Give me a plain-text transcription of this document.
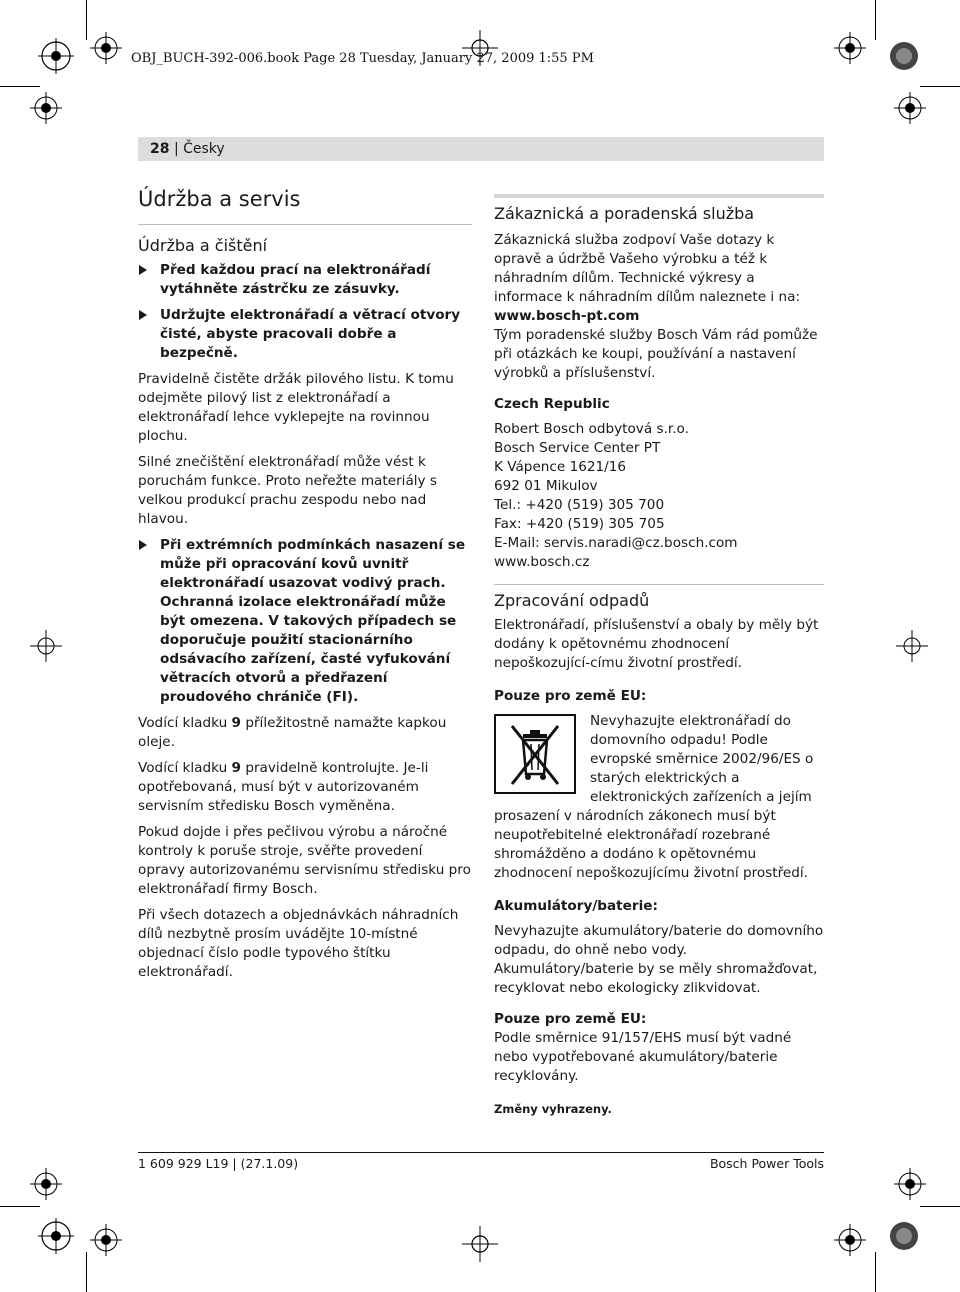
OBJ_BUCH-392-006.book Page 28 Tuesday, January 27, 2009 1:55 PM
28 | Česky
Údržba a servis
Údržba a čištění
Před každou prací na elektronářadí vytáhněte zástrčku ze zásuvky.
Udržujte elektronářadí a větrací otvory čisté, abyste pracovali dobře a bezpečně.

Pravidelně čistěte držák pilového listu. K tomu odejměte pilový list z elektronářadí a elektronářadí lehce vyklepejte na rovinnou plochu.

Silné znečištění elektronářadí může vést k poruchám funkce. Proto neřežte materiály s velkou produkcí prachu zespodu nebo nad hlavou.

Při extrémních podmínkách nasazení se může při opracování kovů uvnitř elektronářadí usazovat vodivý prach. Ochranná izolace elektronářadí může být omezena. V takových případech se doporučuje použití stacionárního odsávacího zařízení, časté vyfukování větracích otvorů a předřazení proudového chrániče (FI).

Vodící kladku 9 příležitostně namažte kapkou oleje.

Vodící kladku 9 pravidelně kontrolujte. Je-li opotřebovaná, musí být v autorizovaném servisním středisku Bosch vyměněna.

Pokud dojde i přes pečlivou výrobu a náročné kontroly k poruše stroje, svěřte provedení opravy autorizovanému servisnímu středisku pro elektronářadí firmy Bosch.

Při všech dotazech a objednávkách náhradních dílů nezbytně prosím uvádějte 10-místné objednací číslo podle typového štítku elektronářadí.

Zákaznická a poradenská služba

Zákaznická služba zodpoví Vaše dotazy k opravě a údržbě Vašeho výrobku a též k náhradním dílům. Technické výkresy a informace k náhradním dílům naleznete i na:
www.bosch-pt.com

Tým poradenské služby Bosch Vám rád pomůže při otázkách ke koupi, používání a nastavení výrobků a příslušenství.

Czech Republic
Robert Bosch odbytová s.r.o.
Bosch Service Center PT
K Vápence 1621/16
692 01 Mikulov
Tel.: +420 (519) 305 700
Fax: +420 (519) 305 705
E-Mail: servis.naradi@cz.bosch.com
www.bosch.cz
Zpracování odpadů

Elektronářadí, příslušenství a obaly by měly být dodány k opětovnému zhodnocení nepoškozující-címu životní prostředí.

Pouze pro země EU:

Nevyhazujte elektronářadí do domovního odpadu! Podle evropské směrnice 2002/96/ES o starých elektrických a elektronických zařízeních a jejím prosazení v národních zákonech musí být neupotřebitelné elektronářadí rozebrané shromážděno a dodáno k opětovnému zhodnocení nepoškozujícímu životní prostředí.

Akumulátory/baterie:

Nevyhazujte akumulátory/baterie do domovního odpadu, do ohně nebo vody. Akumulátory/baterie by se měly shromažďovat, recyklovat nebo ekologicky zlikvidovat.

Pouze pro země EU:

Podle směrnice 91/157/EHS musí být vadné nebo vypotřebované akumulátory/baterie recyklovány.

Změny vyhrazeny.
1 609 929 L19 | (27.1.09)	Bosch Power Tools
